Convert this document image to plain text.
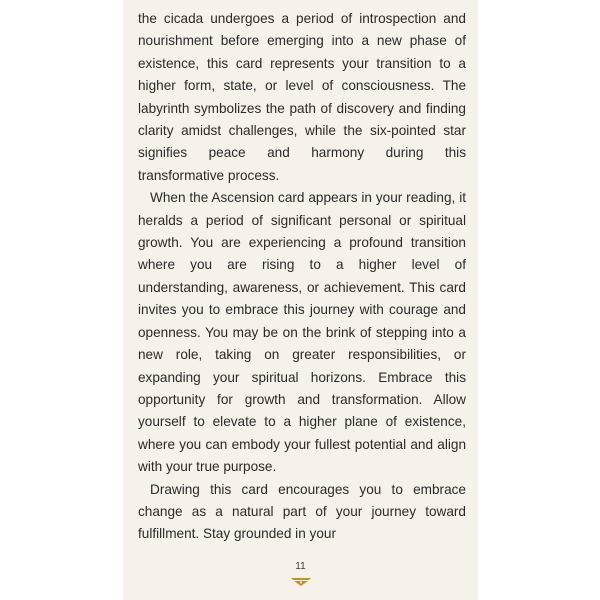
the cicada undergoes a period of introspection and nourishment before emerging into a new phase of existence, this card represents your transition to a higher form, state, or level of consciousness. The labyrinth symbolizes the path of discovery and finding clarity amidst challenges, while the six-pointed star signifies peace and harmony during this transformative process.

When the Ascension card appears in your reading, it heralds a period of significant personal or spiritual growth. You are experiencing a profound transition where you are rising to a higher level of understanding, awareness, or achievement. This card invites you to embrace this journey with courage and openness. You may be on the brink of stepping into a new role, taking on greater responsibilities, or expanding your spiritual horizons. Embrace this opportunity for growth and transformation. Allow yourself to elevate to a higher plane of existence, where you can embody your fullest potential and align with your true purpose.

Drawing this card encourages you to embrace change as a natural part of your journey toward fulfillment. Stay grounded in your

11
